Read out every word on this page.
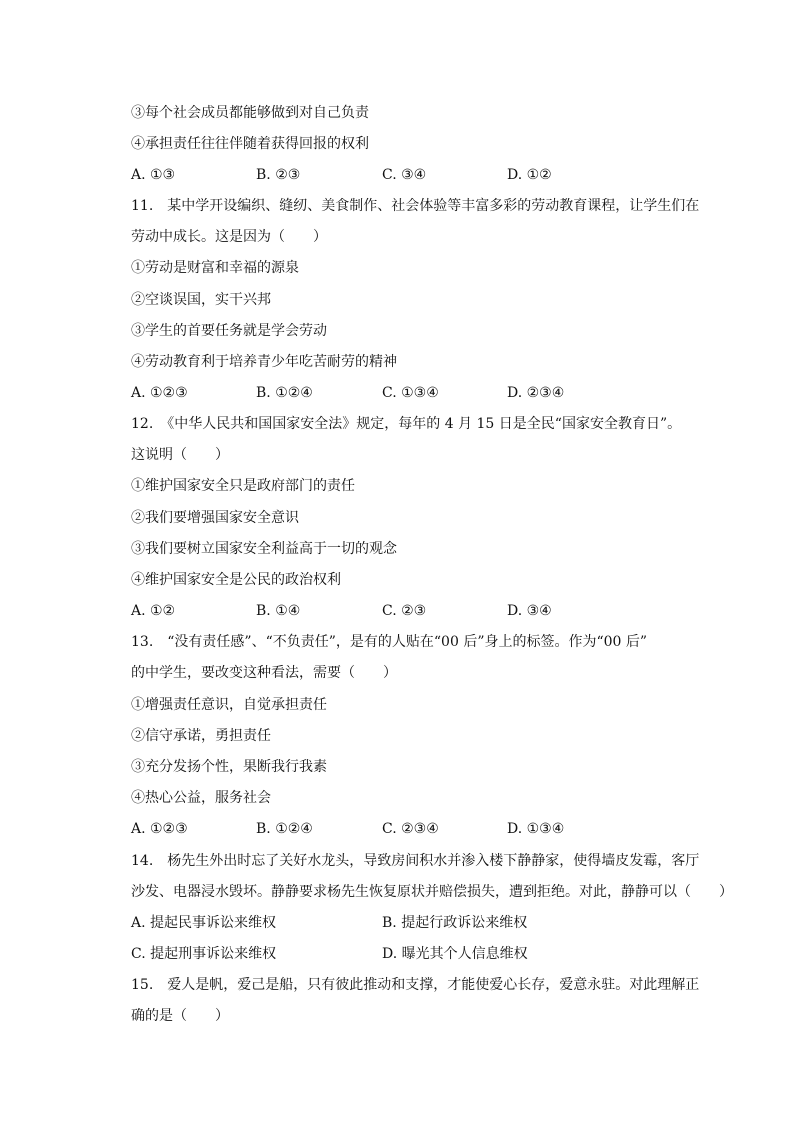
③每个社会成员都能够做到对自己负责
④承担责任往往伴随着获得回报的权利
A. ①③	B. ②③	C. ③④	D. ①②
11.　某中学开设编织、缝纫、美食制作、社会体验等丰富多彩的劳动教育课程，让学生们在
劳动中成长。这是因为（　　）
①劳动是财富和幸福的源泉
②空谈误国，实干兴邦
③学生的首要任务就是学会劳动
④劳动教育利于培养青少年吃苦耐劳的精神
A. ①②③	B. ①②④	C. ①③④	D. ②③④
12.　《中华人民共和国国家安全法》规定，每年的 4 月 15 日是全民“国家安全教育日”。
这说明（　　）
①维护国家安全只是政府部门的责任
②我们要增强国家安全意识
③我们要树立国家安全利益高于一切的观念
④维护国家安全是公民的政治权利
A. ①②	B. ①④	C. ②③	D. ③④
13.　“没有责任感”、“不负责任”，是有的人贴在“00 后”身上的标签。作为“00 后”
的中学生，要改变这种看法，需要（　　）
①增强责任意识，自觉承担责任
②信守承诺，勇担责任
③充分发扬个性，果断我行我素
④热心公益，服务社会
A. ①②③	B. ①②④	C. ②③④	D. ①③④
14.　杨先生外出时忘了关好水龙头，导致房间积水并渗入楼下静静家，使得墙皮发霉，客厅
沙发、电器浸水毁坏。静静要求杨先生恢复原状并赔偿损失，遭到拒绝。对此，静静可以（　　）
A. 提起民事诉讼来维权	B. 提起行政诉讼来维权
C. 提起刑事诉讼来维权	D. 曝光其个人信息维权
15.　爱人是帆，爱己是船，只有彼此推动和支撑，才能使爱心长存，爱意永驻。对此理解正
确的是（　　）
